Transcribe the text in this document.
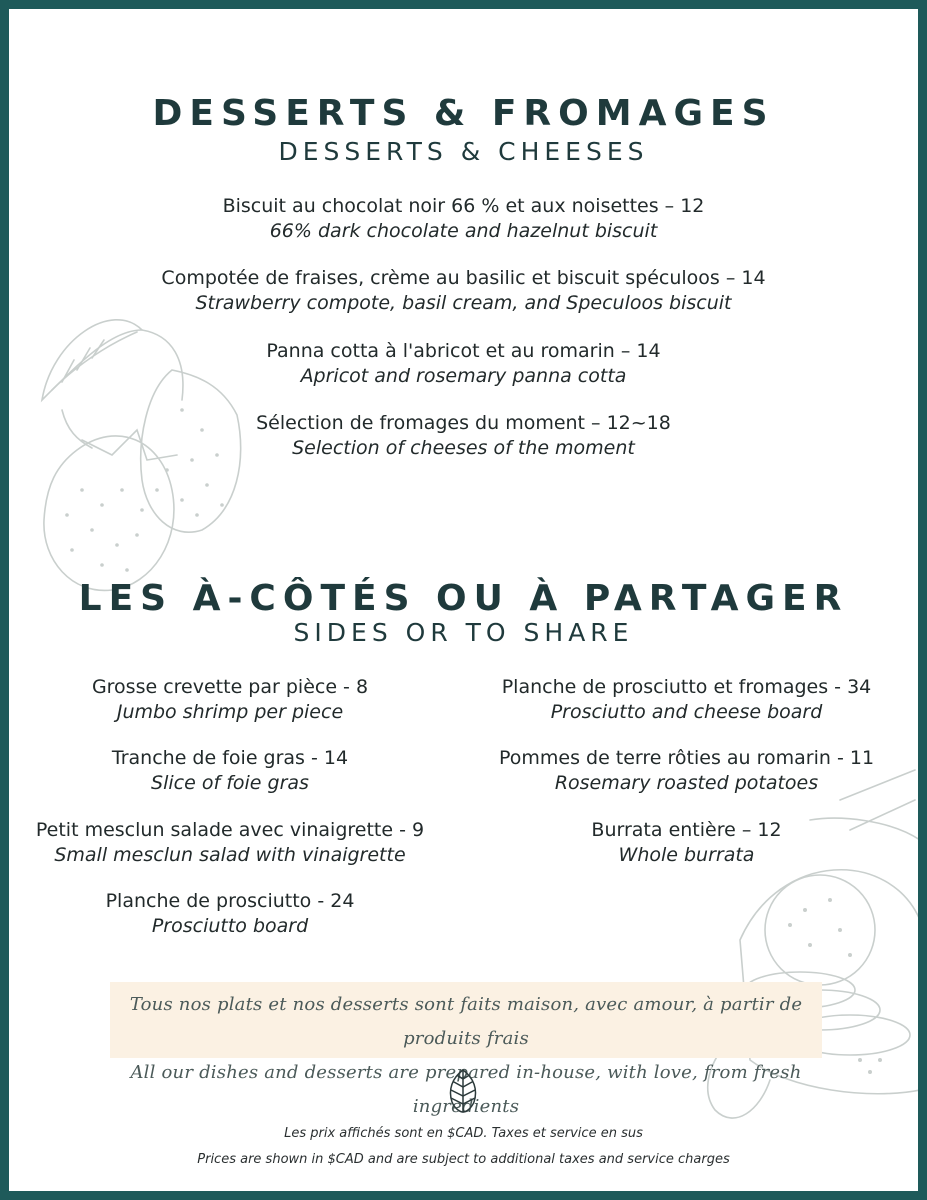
DESSERTS & FROMAGES
DESSERTS & CHEESES
Biscuit au chocolat noir 66 % et aux noisettes – 12
66% dark chocolate and hazelnut biscuit
Compotée de fraises, crème au basilic et biscuit spéculoos – 14
Strawberry compote, basil cream, and Speculoos biscuit
Panna cotta à l'abricot et au romarin – 14
Apricot and rosemary panna cotta
Sélection de fromages du moment – 12~18
Selection of cheeses of the moment
LES À-CÔTÉS OU À PARTAGER
SIDES OR TO SHARE
Grosse crevette par pièce - 8
Jumbo shrimp per piece
Tranche de foie gras - 14
Slice of foie gras
Petit mesclun salade avec vinaigrette - 9
Small mesclun salad with vinaigrette
Planche de prosciutto - 24
Prosciutto board
Planche de prosciutto et fromages - 34
Prosciutto and cheese board
Pommes de terre rôties au romarin - 11
Rosemary roasted potatoes
Burrata entière – 12
Whole burrata
Tous nos plats et nos desserts sont faits maison, avec amour, à partir de produits frais
All our dishes and desserts are prepared in-house, with love, from fresh ingredients
Les prix affichés sont en $CAD. Taxes et service en sus
Prices are shown in $CAD and are subject to additional taxes and service charges
